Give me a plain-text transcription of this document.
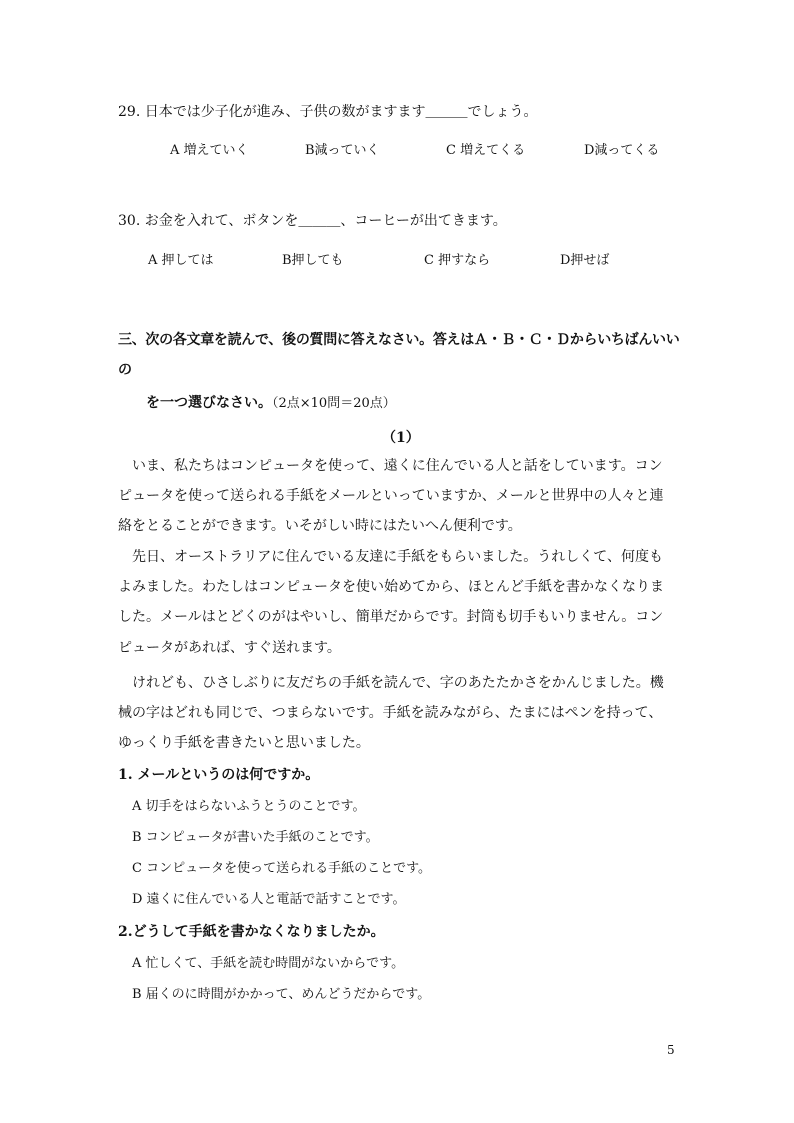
29. 日本では少子化が進み、子供の数がますます＿＿＿でしょう。
A 増えていく	B減っていく	C 増えてくる	D減ってくる
30. お金を入れて、ボタンを＿＿＿、コーヒーが出てきます。
A 押しては	B押しても	C 押すなら	D押せば
三、次の各文章を読んで、後の質問に答えなさい。答えはＡ・Ｂ・Ｃ・Ｄからいちばんいい
の
を一つ選びなさい。（2点×10問＝20点）
（1）
　いま、私たちはコンピュータを使って、遠くに住んでいる人と話をしています。コン
ピュータを使って送られる手紙をメールといっていますか、メールと世界中の人々と連
絡をとることができます。いそがしい時にはたいへん便利です。
　先日、オーストラリアに住んでいる友達に手紙をもらいました。うれしくて、何度も
よみました。わたしはコンピュータを使い始めてから、ほとんど手紙を書かなくなりま
した。メールはとどくのがはやいし、簡単だからです。封筒も切手もいりません。コン
ピュータがあれば、すぐ送れます。
　けれども、ひさしぶりに友だちの手紙を読んで、字のあたたかさをかんじました。機
械の字はどれも同じで、つまらないです。手紙を読みながら、たまにはペンを持って、
ゆっくり手紙を書きたいと思いました。
1. メールというのは何ですか。
A 切手をはらないふうとうのことです。
B コンピュータが書いた手紙のことです。
C コンピュータを使って送られる手紙のことです。
D 遠くに住んでいる人と電話で話すことです。
2.どうして手紙を書かなくなりましたか。
A 忙しくて、手紙を読む時間がないからです。
B 届くのに時間がかかって、めんどうだからです。
5
